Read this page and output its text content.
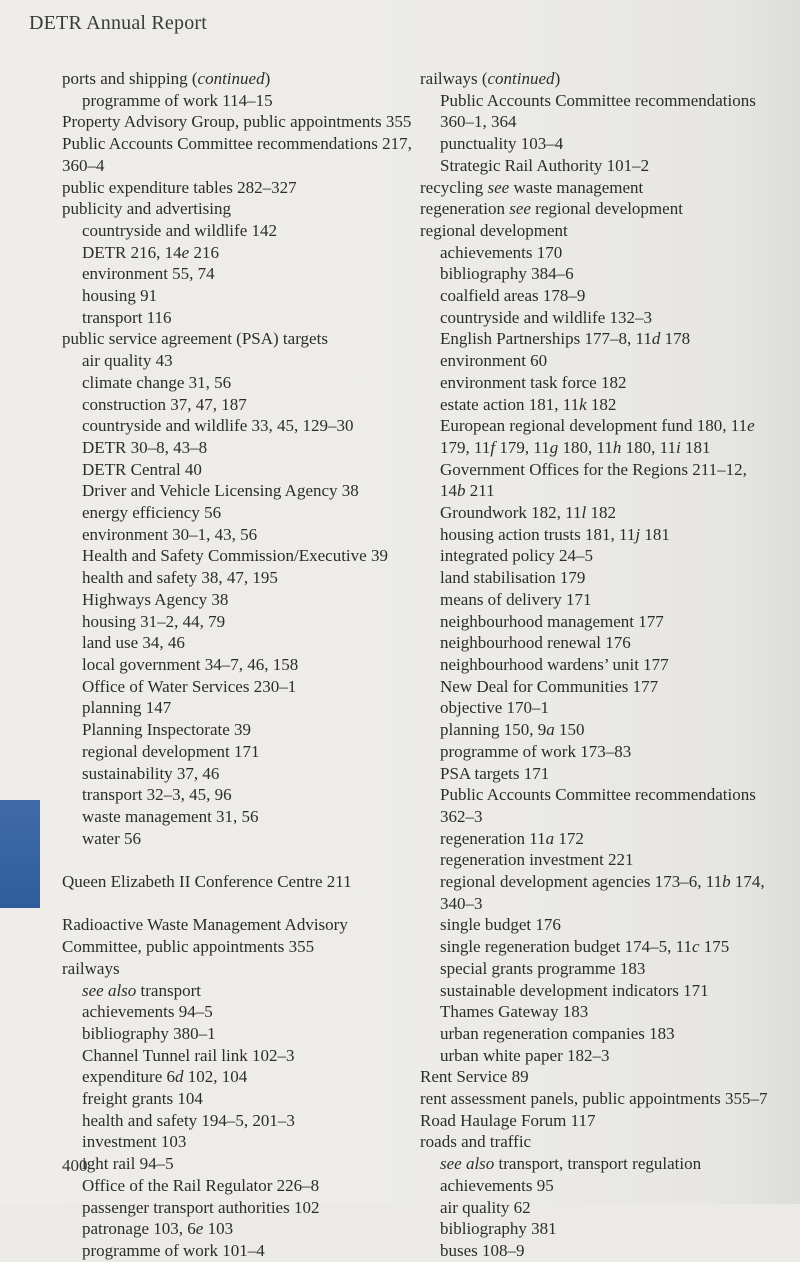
DETR Annual Report
ports and shipping (continued)
programme of work 114–15
Property Advisory Group, public appointments 355
Public Accounts Committee recommendations 217,
360–4
public expenditure tables 282–327
publicity and advertising
countryside and wildlife 142
DETR 216, 14e 216
environment 55, 74
housing 91
transport 116
public service agreement (PSA) targets
air quality 43
climate change 31, 56
construction 37, 47, 187
countryside and wildlife 33, 45, 129–30
DETR 30–8, 43–8
DETR Central 40
Driver and Vehicle Licensing Agency 38
energy efficiency 56
environment 30–1, 43, 56
Health and Safety Commission/Executive 39
health and safety 38, 47, 195
Highways Agency 38
housing 31–2, 44, 79
land use 34, 46
local government 34–7, 46, 158
Office of Water Services 230–1
planning 147
Planning Inspectorate 39
regional development 171
sustainability 37, 46
transport 32–3, 45, 96
waste management 31, 56
water 56
Queen Elizabeth II Conference Centre 211
Radioactive Waste Management Advisory
Committee, public appointments 355
railways
see also transport
achievements 94–5
bibliography 380–1
Channel Tunnel rail link 102–3
expenditure 6d 102, 104
freight grants 104
health and safety 194–5, 201–3
investment 103
ight rail 94–5
Office of the Rail Regulator 226–8
passenger transport authorities 102
patronage 103, 6e 103
programme of work 101–4
railways (continued)
Public Accounts Committee recommendations
360–1, 364
punctuality 103–4
Strategic Rail Authority 101–2
recycling see waste management
regeneration see regional development
regional development
achievements 170
bibliography 384–6
coalfield areas 178–9
countryside and wildlife 132–3
English Partnerships 177–8, 11d 178
environment 60
environment task force 182
estate action 181, 11k 182
European regional development fund 180, 11e
179, 11f 179, 11g 180, 11h 180, 11i 181
Government Offices for the Regions 211–12,
14b 211
Groundwork 182, 11l 182
housing action trusts 181, 11j 181
integrated policy 24–5
land stabilisation 179
means of delivery 171
neighbourhood management 177
neighbourhood renewal 176
neighbourhood wardens’ unit 177
New Deal for Communities 177
objective 170–1
planning 150, 9a 150
programme of work 173–83
PSA targets 171
Public Accounts Committee recommendations
362–3
regeneration 11a 172
regeneration investment 221
regional development agencies 173–6, 11b 174,
340–3
single budget 176
single regeneration budget 174–5, 11c 175
special grants programme 183
sustainable development indicators 171
Thames Gateway 183
urban regeneration companies 183
urban white paper 182–3
Rent Service 89
rent assessment panels, public appointments 355–7
Road Haulage Forum 117
roads and traffic
see also transport, transport regulation
achievements 95
air quality 62
bibliography 381
buses 108–9
400
